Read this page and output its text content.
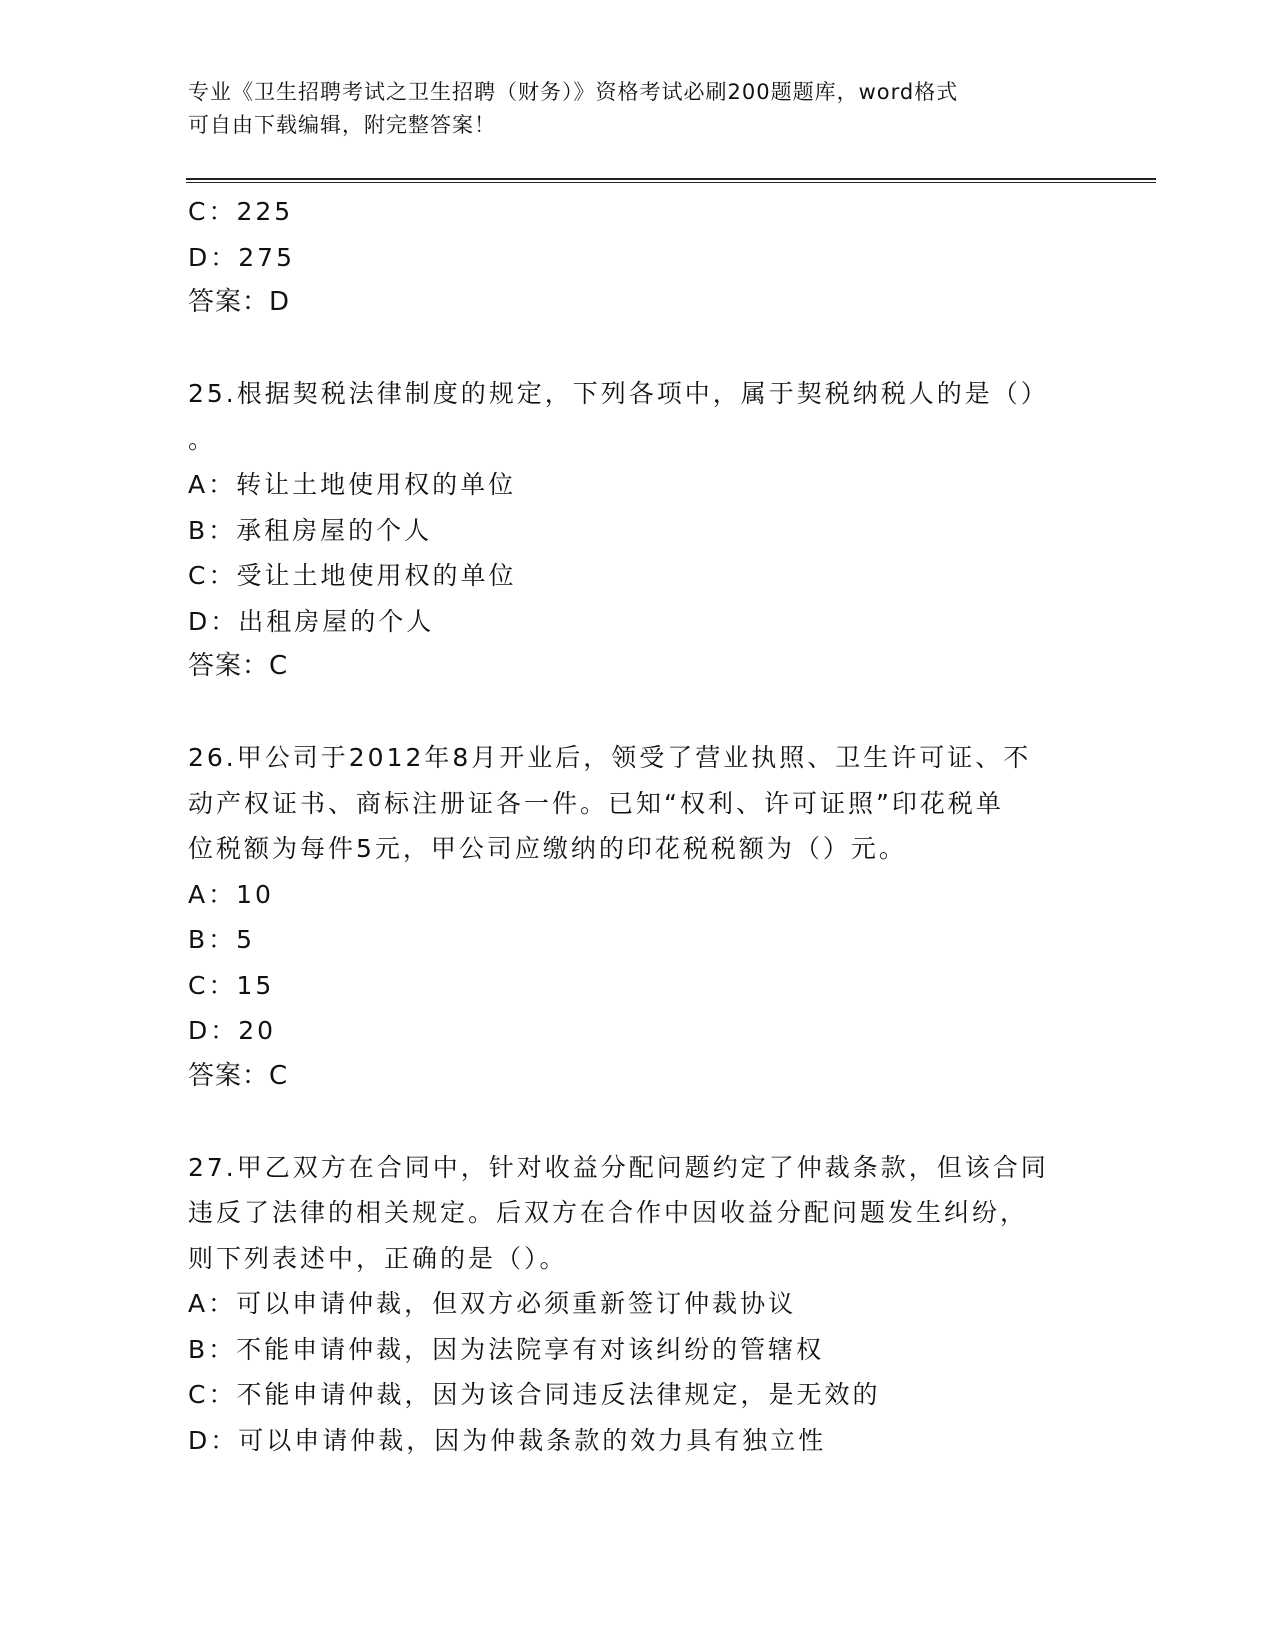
专业《卫生招聘考试之卫生招聘（财务）》资格考试必刷200题题库，word格式
可自由下载编辑，附完整答案！
C：225
D：275
答案：D
25.根据契税法律制度的规定，下列各项中，属于契税纳税人的是（）
。
A：转让土地使用权的单位
B：承租房屋的个人
C：受让土地使用权的单位
D：出租房屋的个人
答案：C
26.甲公司于2012年8月开业后，领受了营业执照、卫生许可证、不
动产权证书、商标注册证各一件。已知“权利、许可证照”印花税单
位税额为每件5元，甲公司应缴纳的印花税税额为（）元。
A：10
B：5
C：15
D：20
答案：C
27.甲乙双方在合同中，针对收益分配问题约定了仲裁条款，但该合同
违反了法律的相关规定。后双方在合作中因收益分配问题发生纠纷，
则下列表述中，正确的是（）。
A：可以申请仲裁，但双方必须重新签订仲裁协议
B：不能申请仲裁，因为法院享有对该纠纷的管辖权
C：不能申请仲裁，因为该合同违反法律规定，是无效的
D：可以申请仲裁，因为仲裁条款的效力具有独立性
